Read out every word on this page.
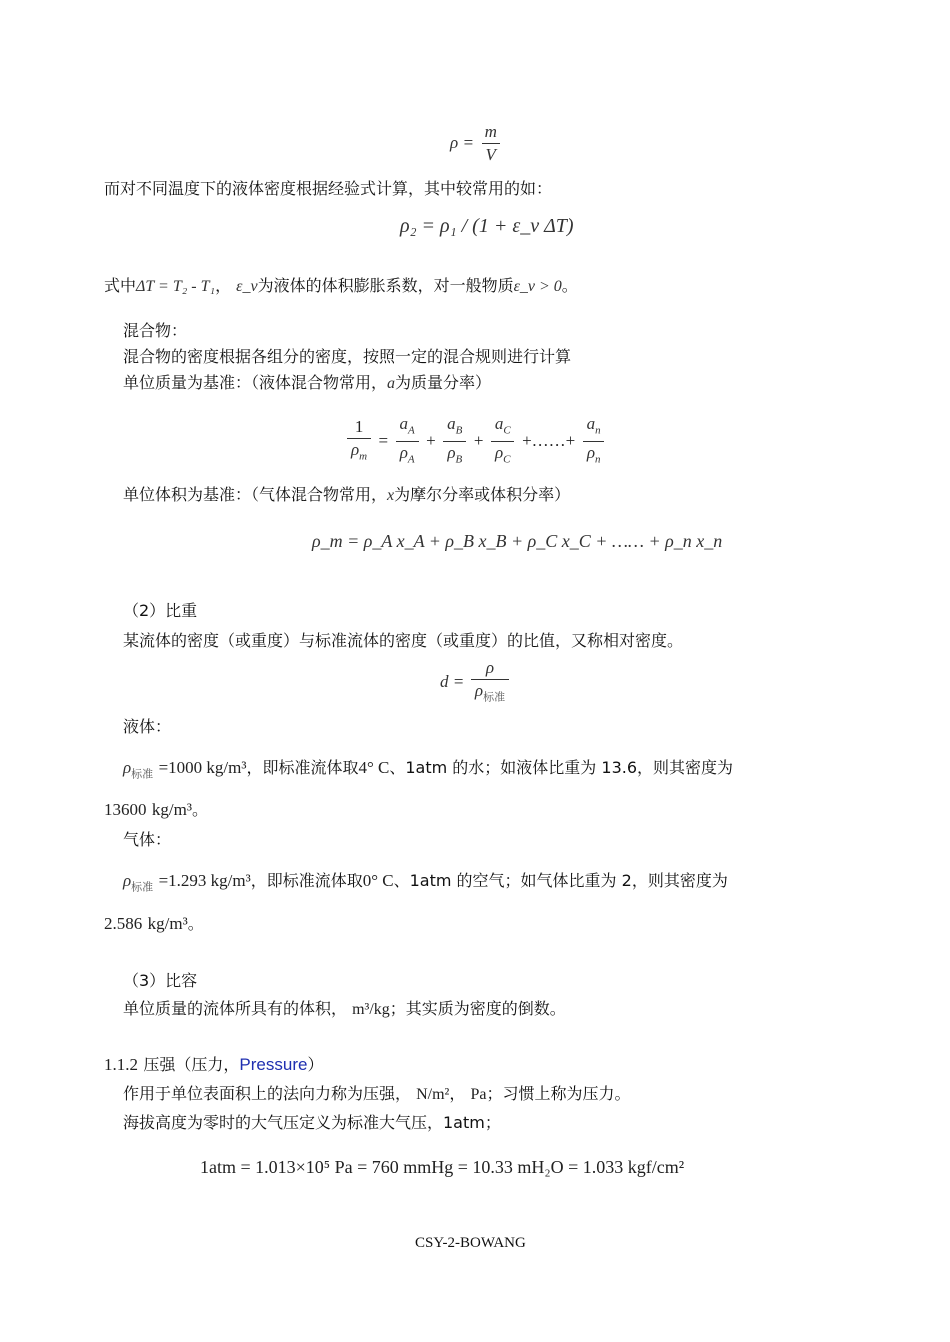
$\rho = \frac{m}{V}$
而对不同温度下的液体密度根据经验式计算，其中较常用的如：
ρ₂ = ρ₁ / (1 + ε_v ΔT)
式中ΔT = T₂ - T₁， ε_v为液体的体积膨胀系数，对一般物质ε_v > 0。
混合物：
混合物的密度根据各组分的密度，按照一定的混合规则进行计算
单位质量为基准：（液体混合物常用，a为质量分率）
$\frac{1}{\rho_m} = \frac{a_A}{\rho_A} + \frac{a_B}{\rho_B} + \frac{a_C}{\rho_C}$ +……+ $\frac{a_n}{\rho_n}$
单位体积为基准：（气体混合物常用，x为摩尔分率或体积分率）
ρ_m = ρ_A x_A + ρ_B x_B + ρ_C x_C + …… + ρ_n x_n
（2）比重
某流体的密度（或重度）与标准流体的密度（或重度）的比值，又称相对密度。
$d = \frac{\rho}{\rho_{标准}}$
液体：
$\rho_{标准} =1000$ kg/m³，即标准流体取4° C、1atm 的水；如液体比重为 13.6，则其密度为
13600 kg/m³。
气体：
$\rho_{标准} =1.293$ kg/m³，即标准流体取0° C、1atm 的空气；如气体比重为 2，则其密度为
2.586 kg/m³。
（3）比容
单位质量的流体所具有的体积， m³/kg；其实质为密度的倒数。
1.1.2 压强（压力，Pressure）
作用于单位表面积上的法向力称为压强， N/m²， Pa；习惯上称为压力。
海拔高度为零时的大气压定义为标准大气压，1atm；
1atm = 1.013×10⁵ Pa = 760 mmHg = 10.33 mH₂O = 1.033 kgf/cm²
CSY-2-BOWANG
